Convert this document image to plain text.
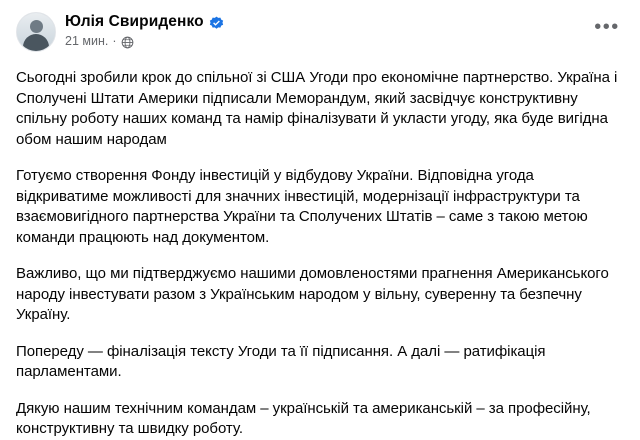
Юлія Свириденко
21 мин. ·
•••

Сьогодні зробили крок до спільної зі США Угоди про економічне партнерство. Україна і Сполучені Штати Америки підписали Меморандум, який засвідчує конструктивну спільну роботу наших команд та намір фіналізувати й укласти угоду, яка буде вигідна обом нашим народам

Готуємо створення Фонду інвестицій у відбудову України. Відповідна угода відкриватиме можливості для значних інвестицій, модернізації інфраструктури та взаємовигідного партнерства України та Сполучених Штатів – саме з такою метою команди працюють над документом.

Важливо, що ми підтверджуємо нашими домовленостями прагнення Американського народу інвестувати разом з Українським народом у вільну, суверенну та безпечну Україну.

Попереду — фіналізація тексту Угоди та її підписання. А далі — ратифікація парламентами.

Дякую нашим технічним командам – українській та американській – за професійну, конструктивну та швидку роботу.
